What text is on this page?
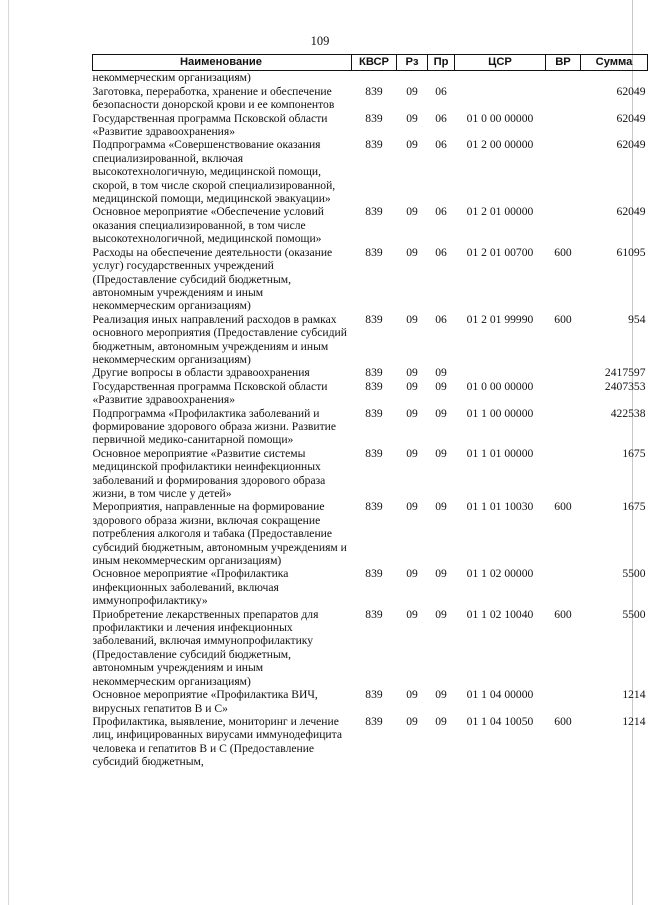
109
Наименование	КВСР	Рз	Пр	ЦСР	ВР	Сумма
некоммерческим организациям)						
Заготовка, переработка, хранение и обеспечение безопасности донорской крови и ее компонентов	839	09	06			62049
Государственная программа Псковской области «Развитие здравоохранения»	839	09	06	01 0 00 00000		62049
Подпрограмма «Совершенствование оказания специализированной, включая высокотехнологичную, медицинской помощи, скорой, в том числе скорой специализированной, медицинской помощи, медицинской эвакуации»	839	09	06	01 2 00 00000		62049
Основное мероприятие «Обеспечение условий оказания специализированной, в том числе высокотехнологичной, медицинской помощи»	839	09	06	01 2 01 00000		62049
Расходы на обеспечение деятельности (оказание услуг) государственных учреждений (Предоставление субсидий бюджетным, автономным учреждениям и иным некоммерческим организациям)	839	09	06	01 2 01 00700	600	61095
Реализация иных направлений расходов в рамках основного мероприятия (Предоставление субсидий бюджетным, автономным учреждениям и иным некоммерческим организациям)	839	09	06	01 2 01 99990	600	954
Другие вопросы в области здравоохранения	839	09	09			2417597
Государственная программа Псковской области «Развитие здравоохранения»	839	09	09	01 0 00 00000		2407353
Подпрограмма «Профилактика заболеваний и формирование здорового образа жизни. Развитие первичной медико-санитарной помощи»	839	09	09	01 1 00 00000		422538
Основное мероприятие «Развитие системы медицинской профилактики неинфекционных заболеваний и формирования здорового образа жизни, в том числе у детей»	839	09	09	01 1 01 00000		1675
Мероприятия, направленные на формирование здорового образа жизни, включая сокращение потребления алкоголя и табака (Предоставление субсидий бюджетным, автономным учреждениям и иным некоммерческим организациям)	839	09	09	01 1 01 10030	600	1675
Основное мероприятие «Профилактика инфекционных заболеваний, включая иммунопрофилактику»	839	09	09	01 1 02 00000		5500
Приобретение лекарственных препаратов для профилактики и лечения инфекционных заболеваний, включая иммунопрофилактику (Предоставление субсидий бюджетным, автономным учреждениям и иным некоммерческим организациям)	839	09	09	01 1 02 10040	600	5500
Основное мероприятие «Профилактика ВИЧ, вирусных гепатитов В и С»	839	09	09	01 1 04 00000		1214
Профилактика, выявление, мониторинг и лечение лиц, инфицированных вирусами иммунодефицита человека и гепатитов В и С (Предоставление субсидий бюджетным,	839	09	09	01 1 04 10050	600	1214
